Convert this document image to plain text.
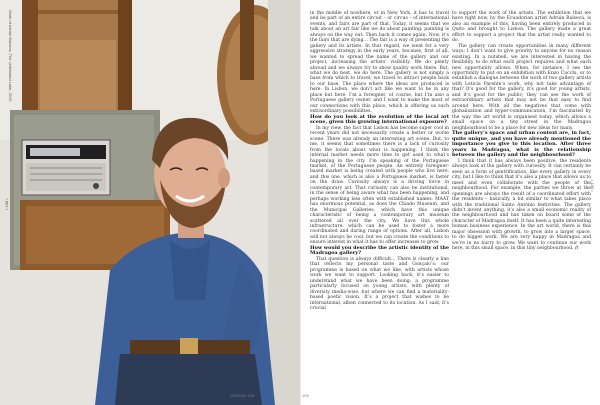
Work of Adrián Balseca, The Unfinished Lake, 2015
• 108 •
SPREAD 108

in the middle of nowhere, or in New York, it has to travel and be part of an entire circuit – or circus – of international events, and fairs are part of that. Today, it seems that we talk about an art fair like we do about painting: painting is always on the way out. Then back it comes again. Now, it’s the fairs that are dying... The fair is a way of presenting the gallery and its artists. In that regard, we went for a very aggressive strategy in the early years, because, first of all, we wanted to spread the name of the gallery and our project, increasing the artists’ visibility. We do plenty abroad and we always try to show quality work there. But, what we do best, we do here. The gallery is not simply a base from which to travel; we travel to attract people back to our base. The place where the ideas are produced is here. In Lisbon, we don’t act like we want to be in any place but here. I’m a foreigner, of course, but I’m also a Portuguese gallery owner, and I want to make the most of our connections with this place, which is offering us such extraordinary possibilities.

How do you look at the evolution of the local art scene, given this growing international exposure?

In my view, the fact that Lisbon has become super cool in recent years did not necessarily create a better or worse scene. There was already an interesting art scene. But, to me, it seems that sometimes there is a lack of curiosity from the locals about what is happening. I think the internal market needs more time to get used to what’s happening in the city. I’m speaking of the Portuguese market, of the Portuguese people. An entirely foreigner-based market is being created with people who live here, and this one, which is also a Portuguese market, is faster on the draw. Curiosity always is a driving force in contemporary art. That curiosity can also be institutional, in the sense of being aware what has been happening, and perhaps working less often with established names. MAAT has enormous potential, as does the Chiado Museum, and the Municipal Galleries, which have this unique characteristic of being a contemporary art museum scattered all over the city. We have this whole infrastructure, which can be used to foster a more coordinated and daring range of options. After all, Lisbon will not always be cool, but we can create the conditions to ensure interest in what it has to offer increases to grow.

How would you describe the artistic identity of the Madragoa gallery?

That question is always difficult... There is clearly a line that reflects my personal taste and Gonçalo’s: our programme is based on what we like, with artists whose work we want to support. Looking back, it’s easier to understand what we have been doing: a programme particularly focused on young artists, with plenty of diversity media-wise, but where we can find a materiality-based poetic vision. It’s a project that wishes to be international, albeit connected to its location. As I said, it’s crucial

to support the work of the artists. The exhibition that we have right now, by the Ecuadorian artist Adrián Balseca, is also an example of this, having been entirely produced in Quito and brought to Lisbon. The gallery made a great effort to support a project that the artist really wanted to do.

The gallery can create opportunities in many different ways; I don’t want to give priority to anyone for no reason existing. In a nutshell, we are interested in having the flexibility to do what each project requires and what each new opportunity allows. When, for instance, I see the opportunity to put on an exhibition with Enzo Cucchi, or to establish a dialogue between the work of two gallery artists with Leticia Parente’s work, why not take advantage of that? It’s good for the gallery, it’s good for young artists, and it’s good for the public; they can see the work of extraordinary artists that may not be that easy to find around here. With all the negatives that come with globalisation and hyper-communication, I’m fascinated by the way the art world is organised today, which allows a small space on a tiny street in the Madragoa neighbourhood to be a place for new ideas for many.

The gallery’s space and urban context are, in fact, quite unique, and you have already mentioned the importance you give to this location. After three years in Madragoa, what is the relationship between the gallery and the neighbourhood?

I think that it has always been positive, the residents always look at the gallery with curiosity. It can certainly be seen as a form of gentrification, like every gallery in every city, but I like to think that it’s also a place that allows us to meet and even collaborate with the people of the neighbourhood. For example, the parties we throw at the openings are always the result of a coordinated effort with the residents – basically, a bit similar to what takes place with the traditional Santo António festivities. The gallery didn’t invent anything, it’s also a small economic reality of the neighbourhood and has taken on board some of the character of Madragoa itself. It has been a quite interesting human business experience. In the art world, there is this major obsession with growth, to grow into a larger space, to do bigger work. We are very happy in Madragoa and we’re in no hurry to grow. We want to continue our work here, in this small space, in this tiny neighbourhood. //

• 109 •
109
